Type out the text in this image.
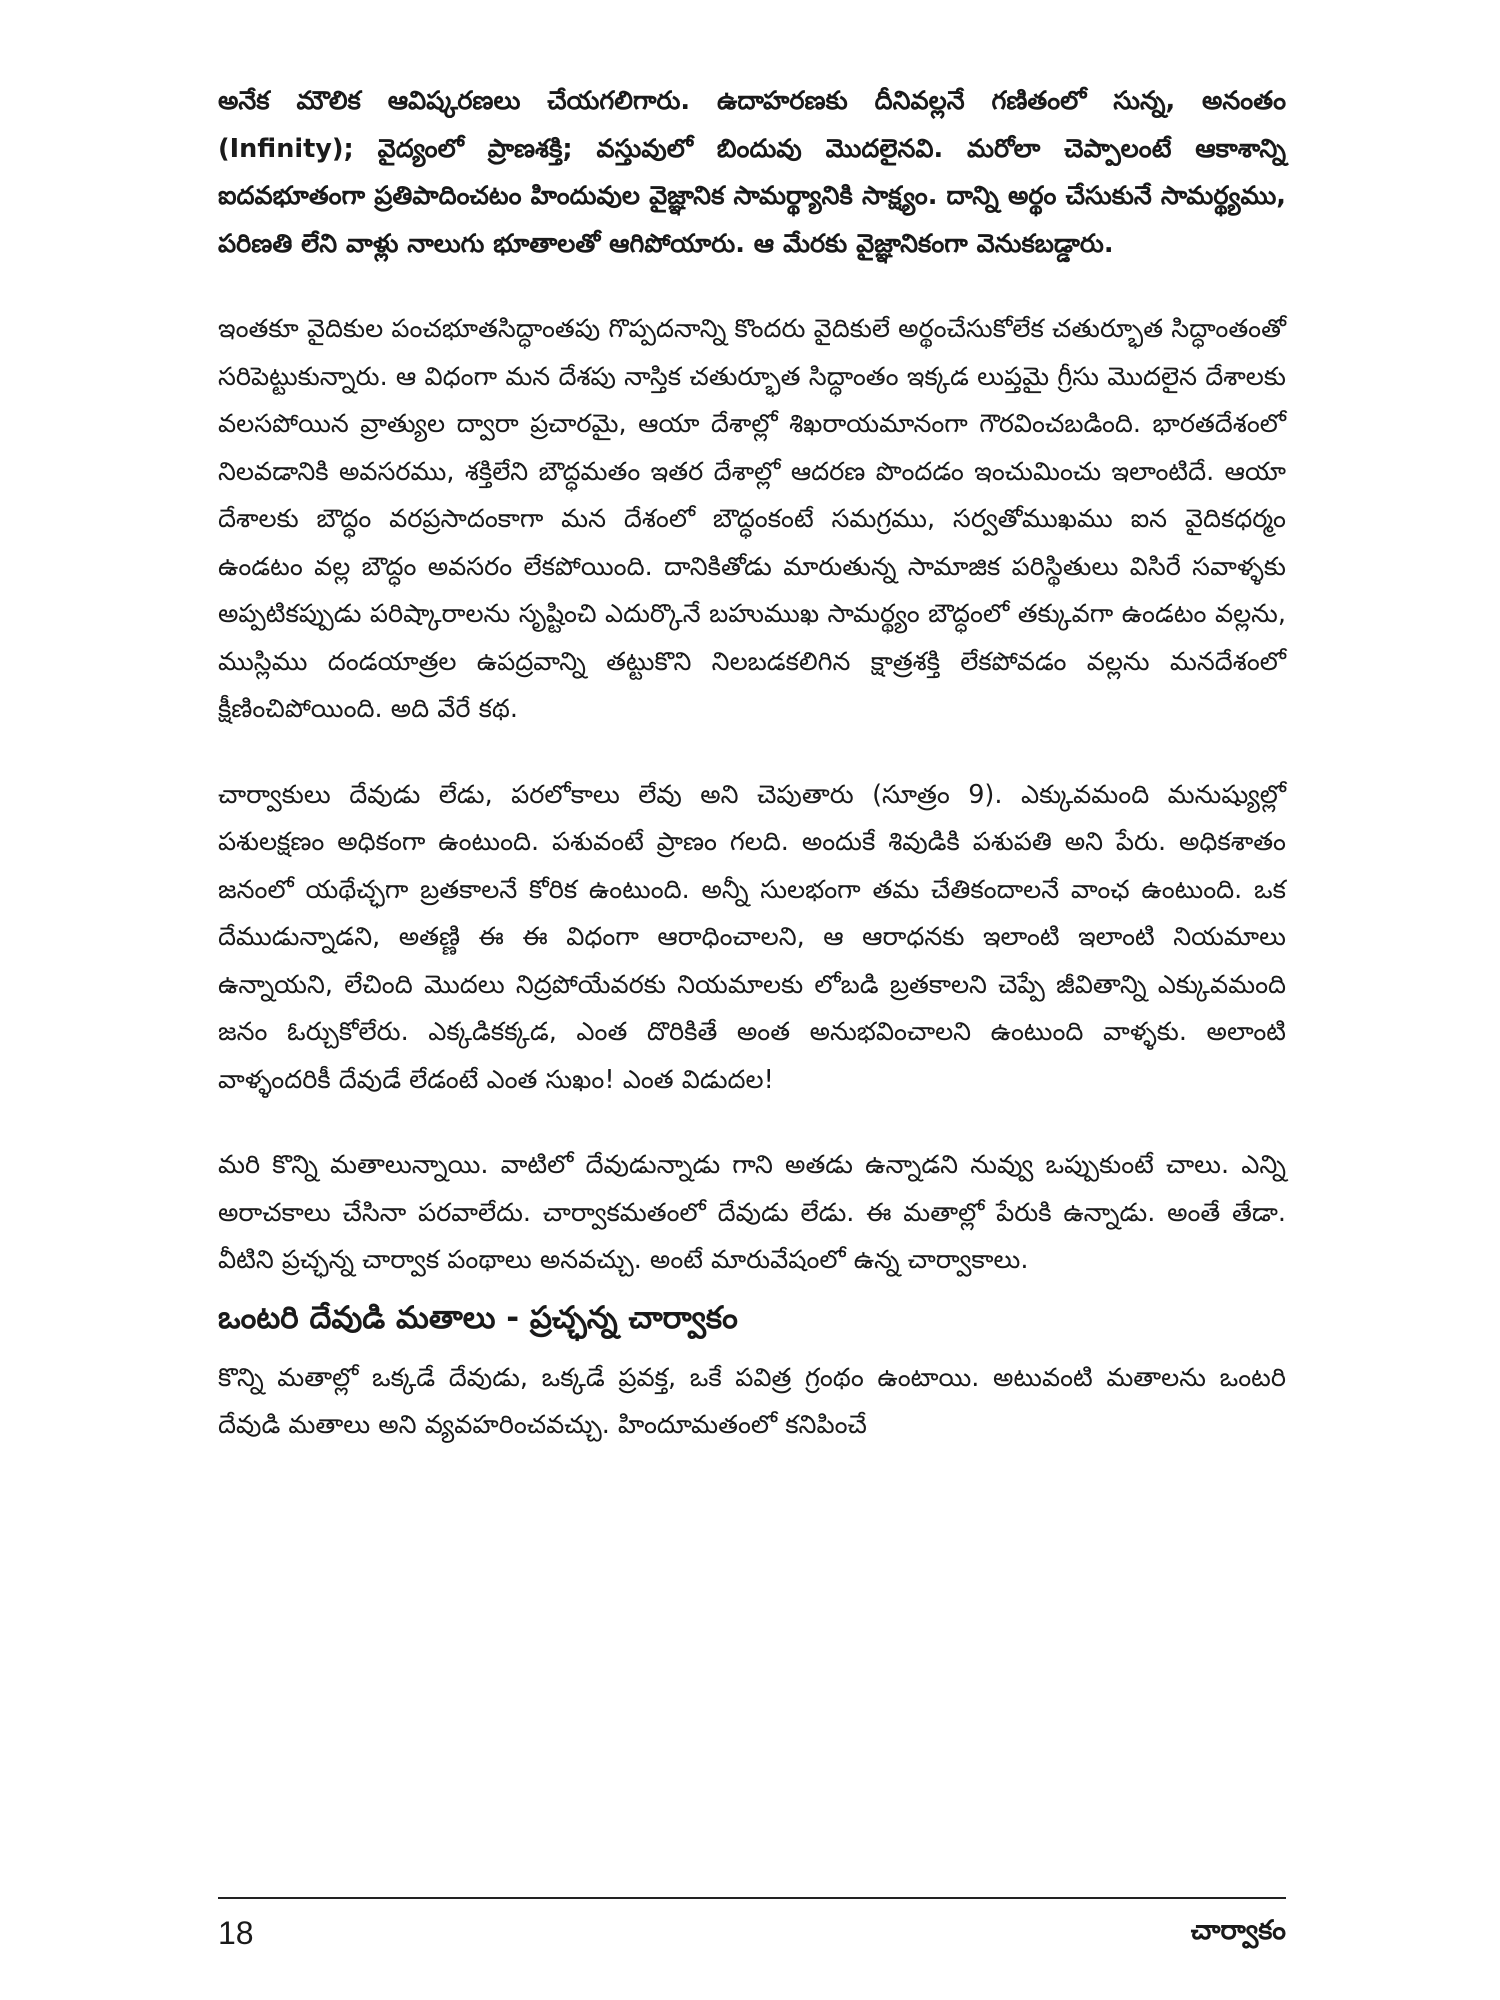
అనేక మౌలిక ఆవిష్కరణలు చేయగలిగారు. ఉదాహరణకు దీనివల్లనే గణితంలో సున్న, అనంతం (Infinity); వైద్యంలో ప్రాణశక్తి; వస్తువులో బిందువు మొదలైనవి. మరోలా చెప్పాలంటే ఆకాశాన్ని ఐదవభూతంగా ప్రతిపాదించటం హిందువుల వైజ్ఞానిక సామర్థ్యానికి సాక్ష్యం. దాన్ని అర్థం చేసుకునే సామర్థ్యము, పరిణతి లేని వాళ్లు నాలుగు భూతాలతో ఆగిపోయారు. ఆ మేరకు వైజ్ఞానికంగా వెనుకబడ్డారు.

ఇంతకూ వైదికుల పంచభూతసిద్ధాంతపు గొప్పదనాన్ని కొందరు వైదికులే అర్థంచేసుకోలేక చతుర్భూత సిద్ధాంతంతో సరిపెట్టుకున్నారు. ఆ విధంగా మన దేశపు నాస్తిక చతుర్భూత సిద్ధాంతం ఇక్కడ లుప్తమై గ్రీసు మొదలైన దేశాలకు వలసపోయిన వ్రాత్యుల ద్వారా ప్రచారమై, ఆయా దేశాల్లో శిఖరాయమానంగా గౌరవించబడింది. భారతదేశంలో నిలవడానికి అవసరము, శక్తిలేని బౌద్ధమతం ఇతర దేశాల్లో ఆదరణ పొందడం ఇంచుమించు ఇలాంటిదే. ఆయా దేశాలకు బౌద్ధం వరప్రసాదంకాగా మన దేశంలో బౌద్ధంకంటే సమగ్రము, సర్వతోముఖము ఐన వైదికధర్మం ఉండటం వల్ల బౌద్ధం అవసరం లేకపోయింది. దానికితోడు మారుతున్న సామాజిక పరిస్థితులు విసిరే సవాళ్ళకు అప్పటికప్పుడు పరిష్కారాలను సృష్టించి ఎదుర్కొనే బహుముఖ సామర్థ్యం బౌద్ధంలో తక్కువగా ఉండటం వల్లను, ముస్లిము దండయాత్రల ఉపద్రవాన్ని తట్టుకొని నిలబడకలిగిన క్షాత్రశక్తి లేకపోవడం వల్లను మనదేశంలో క్షీణించిపోయింది. అది వేరే కథ.

చార్వాకులు దేవుడు లేడు, పరలోకాలు లేవు అని చెపుతారు (సూత్రం 9). ఎక్కువమంది మనుష్యుల్లో పశులక్షణం అధికంగా ఉంటుంది. పశువంటే ప్రాణం గలది. అందుకే శివుడికి పశుపతి అని పేరు. అధికశాతం జనంలో యథేచ్ఛగా బ్రతకాలనే కోరిక ఉంటుంది. అన్నీ సులభంగా తమ చేతికందాలనే వాంఛ ఉంటుంది. ఒక దేముడున్నాడని, అతణ్ణి ఈ ఈ విధంగా ఆరాధించాలని, ఆ ఆరాధనకు ఇలాంటి ఇలాంటి నియమాలు ఉన్నాయని, లేచింది మొదలు నిద్రపోయేవరకు నియమాలకు లోబడి బ్రతకాలని చెప్పే జీవితాన్ని ఎక్కువమంది జనం ఓర్చుకోలేరు. ఎక్కడికక్కడ, ఎంత దొరికితే అంత అనుభవించాలని ఉంటుంది వాళ్ళకు. అలాంటి వాళ్ళందరికీ దేవుడే లేడంటే ఎంత సుఖం! ఎంత విడుదల!

మరి కొన్ని మతాలున్నాయి. వాటిలో దేవుడున్నాడు గాని అతడు ఉన్నాడని నువ్వు ఒప్పుకుంటే చాలు. ఎన్ని అరాచకాలు చేసినా పరవాలేదు. చార్వాకమతంలో దేవుడు లేడు. ఈ మతాల్లో పేరుకి ఉన్నాడు. అంతే తేడా. వీటిని ప్రచ్ఛన్న చార్వాక పంథాలు అనవచ్చు. అంటే మారువేషంలో ఉన్న చార్వాకాలు.

ఒంటరి దేవుడి మతాలు - ప్రచ్ఛన్న చార్వాకం

కొన్ని మతాల్లో ఒక్కడే దేవుడు, ఒక్కడే ప్రవక్త, ఒకే పవిత్ర గ్రంథం ఉంటాయి. అటువంటి మతాలను ఒంటరి దేవుడి మతాలు అని వ్యవహరించవచ్చు. హిందూమతంలో కనిపించే

18	చార్వాకం
